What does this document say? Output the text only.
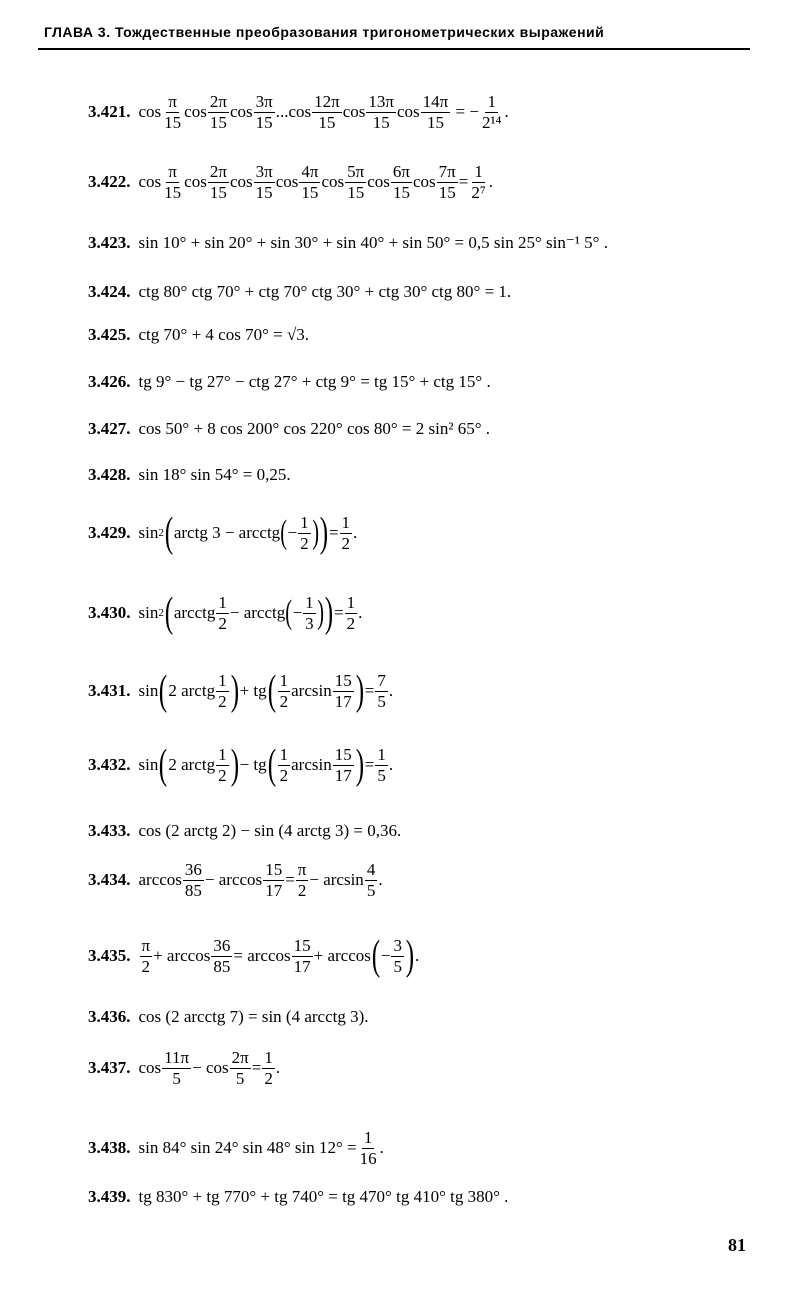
ГЛАВА 3. Тождественные преобразования тригонометрических выражений
3.421. $\cos \frac{\pi}{15}$ $\cos \frac{2\pi}{15}$ $\cos \frac{3\pi}{15} ...\cos \frac{12\pi}{15}$ $\cos \frac{13\pi}{15}$ $\cos \frac{14\pi}{15}$ = − $\frac{1}{\text{2¹⁴}}$ .
3.422. $\cos \frac{\pi}{15}$ $\cos \frac{2\pi}{15}$ $\cos \frac{3\pi}{15}$ $\cos \frac{4\pi}{15}$ $\cos \frac{5\pi}{15}$ $\cos \frac{6\pi}{15}$ $\cos \frac{7\pi}{15} = \frac{1}{\text{2⁷}}$ .
3.423. sin 10° + sin 20° + sin 30° + sin 40° + sin 50° = 0,5 sin 25° sin⁻¹ 5° .
3.424. ctg 80° ctg 70° + ctg 70° ctg 30° + ctg 30° ctg 80° = 1.
3.425. ctg 70° + 4 cos 70° = √3.
3.426. tg 9° − tg 27° − ctg 27° + ctg 9° = tg 15° + ctg 15° .
3.427. cos 50° + 8 cos 200° cos 220° cos 80° = 2 sin² 65° .
3.428. sin 18° sin 54° = 0,25.
3.429. sin 2 ( arctg 3 − arcctg ( − $\frac{1}{2}$ ) ) = $\frac{1}{2}$ .
3.430. sin 2 ( arcctg $\frac{1}{2}$ − arcctg ( − $\frac{1}{3}$ ) ) = $\frac{1}{2}$ .
3.431. sin ( 2 arctg $\frac{1}{2}$ ) + tg ( $\frac{1}{2}$ $\arcsin \frac{15}{17}$ ) = $\frac{7}{5}$ .
3.432. sin ( 2 arctg $\frac{1}{2}$ ) − tg ( $\frac{1}{2}$ $\arcsin \frac{15}{17}$ ) = $\frac{1}{5}$ .
3.433. cos (2 arctg 2) − sin (4 arctg 3) = 0,36.
3.434. $\arccos \frac{36}{85} - \arccos \frac{15}{17} = \frac{\pi}{2} - \arcsin \frac{4}{5}$ .
3.435. $\frac{\pi}{2} + \arccos \frac{36}{85} = \arccos \frac{15}{17} + \arccos$ ( − $\frac{3}{5}$ ) .
3.436. cos (2 arcctg 7) = sin (4 arcctg 3).
3.437. $\cos \frac{11\pi}{5} - \cos \frac{2\pi}{5} = \frac{1}{2}$ .
3.438. sin 84° sin 24° sin 48° $\sin 12^\circ = \frac{1}{16}$ .
3.439. tg 830° + tg 770° + tg 740° = tg 470° tg 410° tg 380° .
81
